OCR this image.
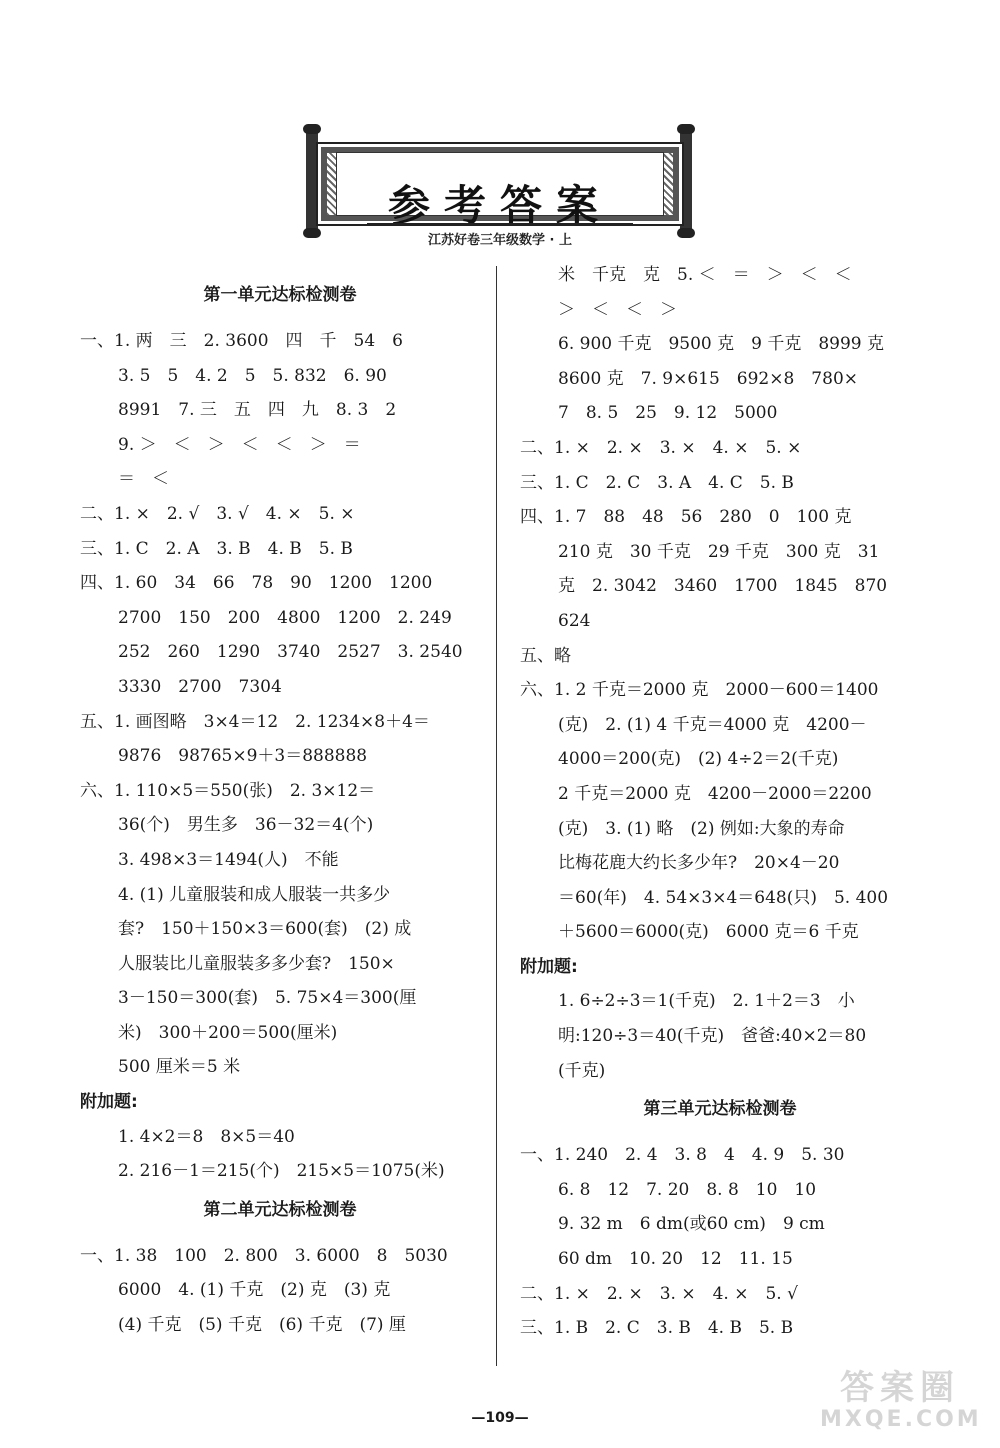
参考答案
江苏好卷三年级数学 · 上
第一单元达标检测卷
一、1. 两　三　2. 3600　四　千　54　6
3. 5　5　4. 2　5　5. 832　6. 90
8991　7. 三　五　四　九　8. 3　2
9. ＞　＜　＞　＜　＜　＞　＝
＝　＜
二、1. ×　2. √　3. √　4. ×　5. ×
三、1. C　2. A　3. B　4. B　5. B
四、1. 60　34　66　78　90　1200　1200
2700　150　200　4800　1200　2. 249
252　260　1290　3740　2527　3. 2540
3330　2700　7304
五、1. 画图略　3×4＝12　2. 1234×8＋4＝
9876　98765×9＋3＝888888
六、1. 110×5＝550(张)　2. 3×12＝
36(个)　男生多　36－32＝4(个)
3. 498×3＝1494(人)　不能
4. (1) 儿童服装和成人服装一共多少
套?　150＋150×3＝600(套)　(2) 成
人服装比儿童服装多多少套?　150×
3－150＝300(套)　5. 75×4＝300(厘
米)　300＋200＝500(厘米)
500 厘米＝5 米
附加题:
1. 4×2＝8　8×5＝40
2. 216－1＝215(个)　215×5＝1075(米)
第二单元达标检测卷
一、1. 38　100　2. 800　3. 6000　8　5030
6000　4. (1) 千克　(2) 克　(3) 克
(4) 千克　(5) 千克　(6) 千克　(7) 厘
米　千克　克　5. ＜　＝　＞　＜　＜
＞　＜　＜　＞
6. 900 千克　9500 克　9 千克　8999 克
8600 克　7. 9×615　692×8　780×
7　8. 5　25　9. 12　5000
二、1. ×　2. ×　3. ×　4. ×　5. ×
三、1. C　2. C　3. A　4. C　5. B
四、1. 7　88　48　56　280　0　100 克
210 克　30 千克　29 千克　300 克　31
克　2. 3042　3460　1700　1845　870
624
五、略
六、1. 2 千克＝2000 克　2000－600＝1400
(克)　2. (1) 4 千克＝4000 克　4200－
4000＝200(克)　(2) 4÷2＝2(千克)
2 千克＝2000 克　4200－2000＝2200
(克)　3. (1) 略　(2) 例如:大象的寿命
比梅花鹿大约长多少年?　20×4－20
＝60(年)　4. 54×3×4＝648(只)　5. 400
＋5600＝6000(克)　6000 克＝6 千克
附加题:
1. 6÷2÷3＝1(千克)　2. 1＋2＝3　小
明:120÷3＝40(千克)　爸爸:40×2＝80
(千克)
第三单元达标检测卷
一、1. 240　2. 4　3. 8　4　4. 9　5. 30
6. 8　12　7. 20　8. 8　10　10
9. 32 m　6 dm(或60 cm)　9 cm
60 dm　10. 20　12　11. 15
二、1. ×　2. ×　3. ×　4. ×　5. √
三、1. B　2. C　3. B　4. B　5. B
—109—
答案圈
MXQE.COM
